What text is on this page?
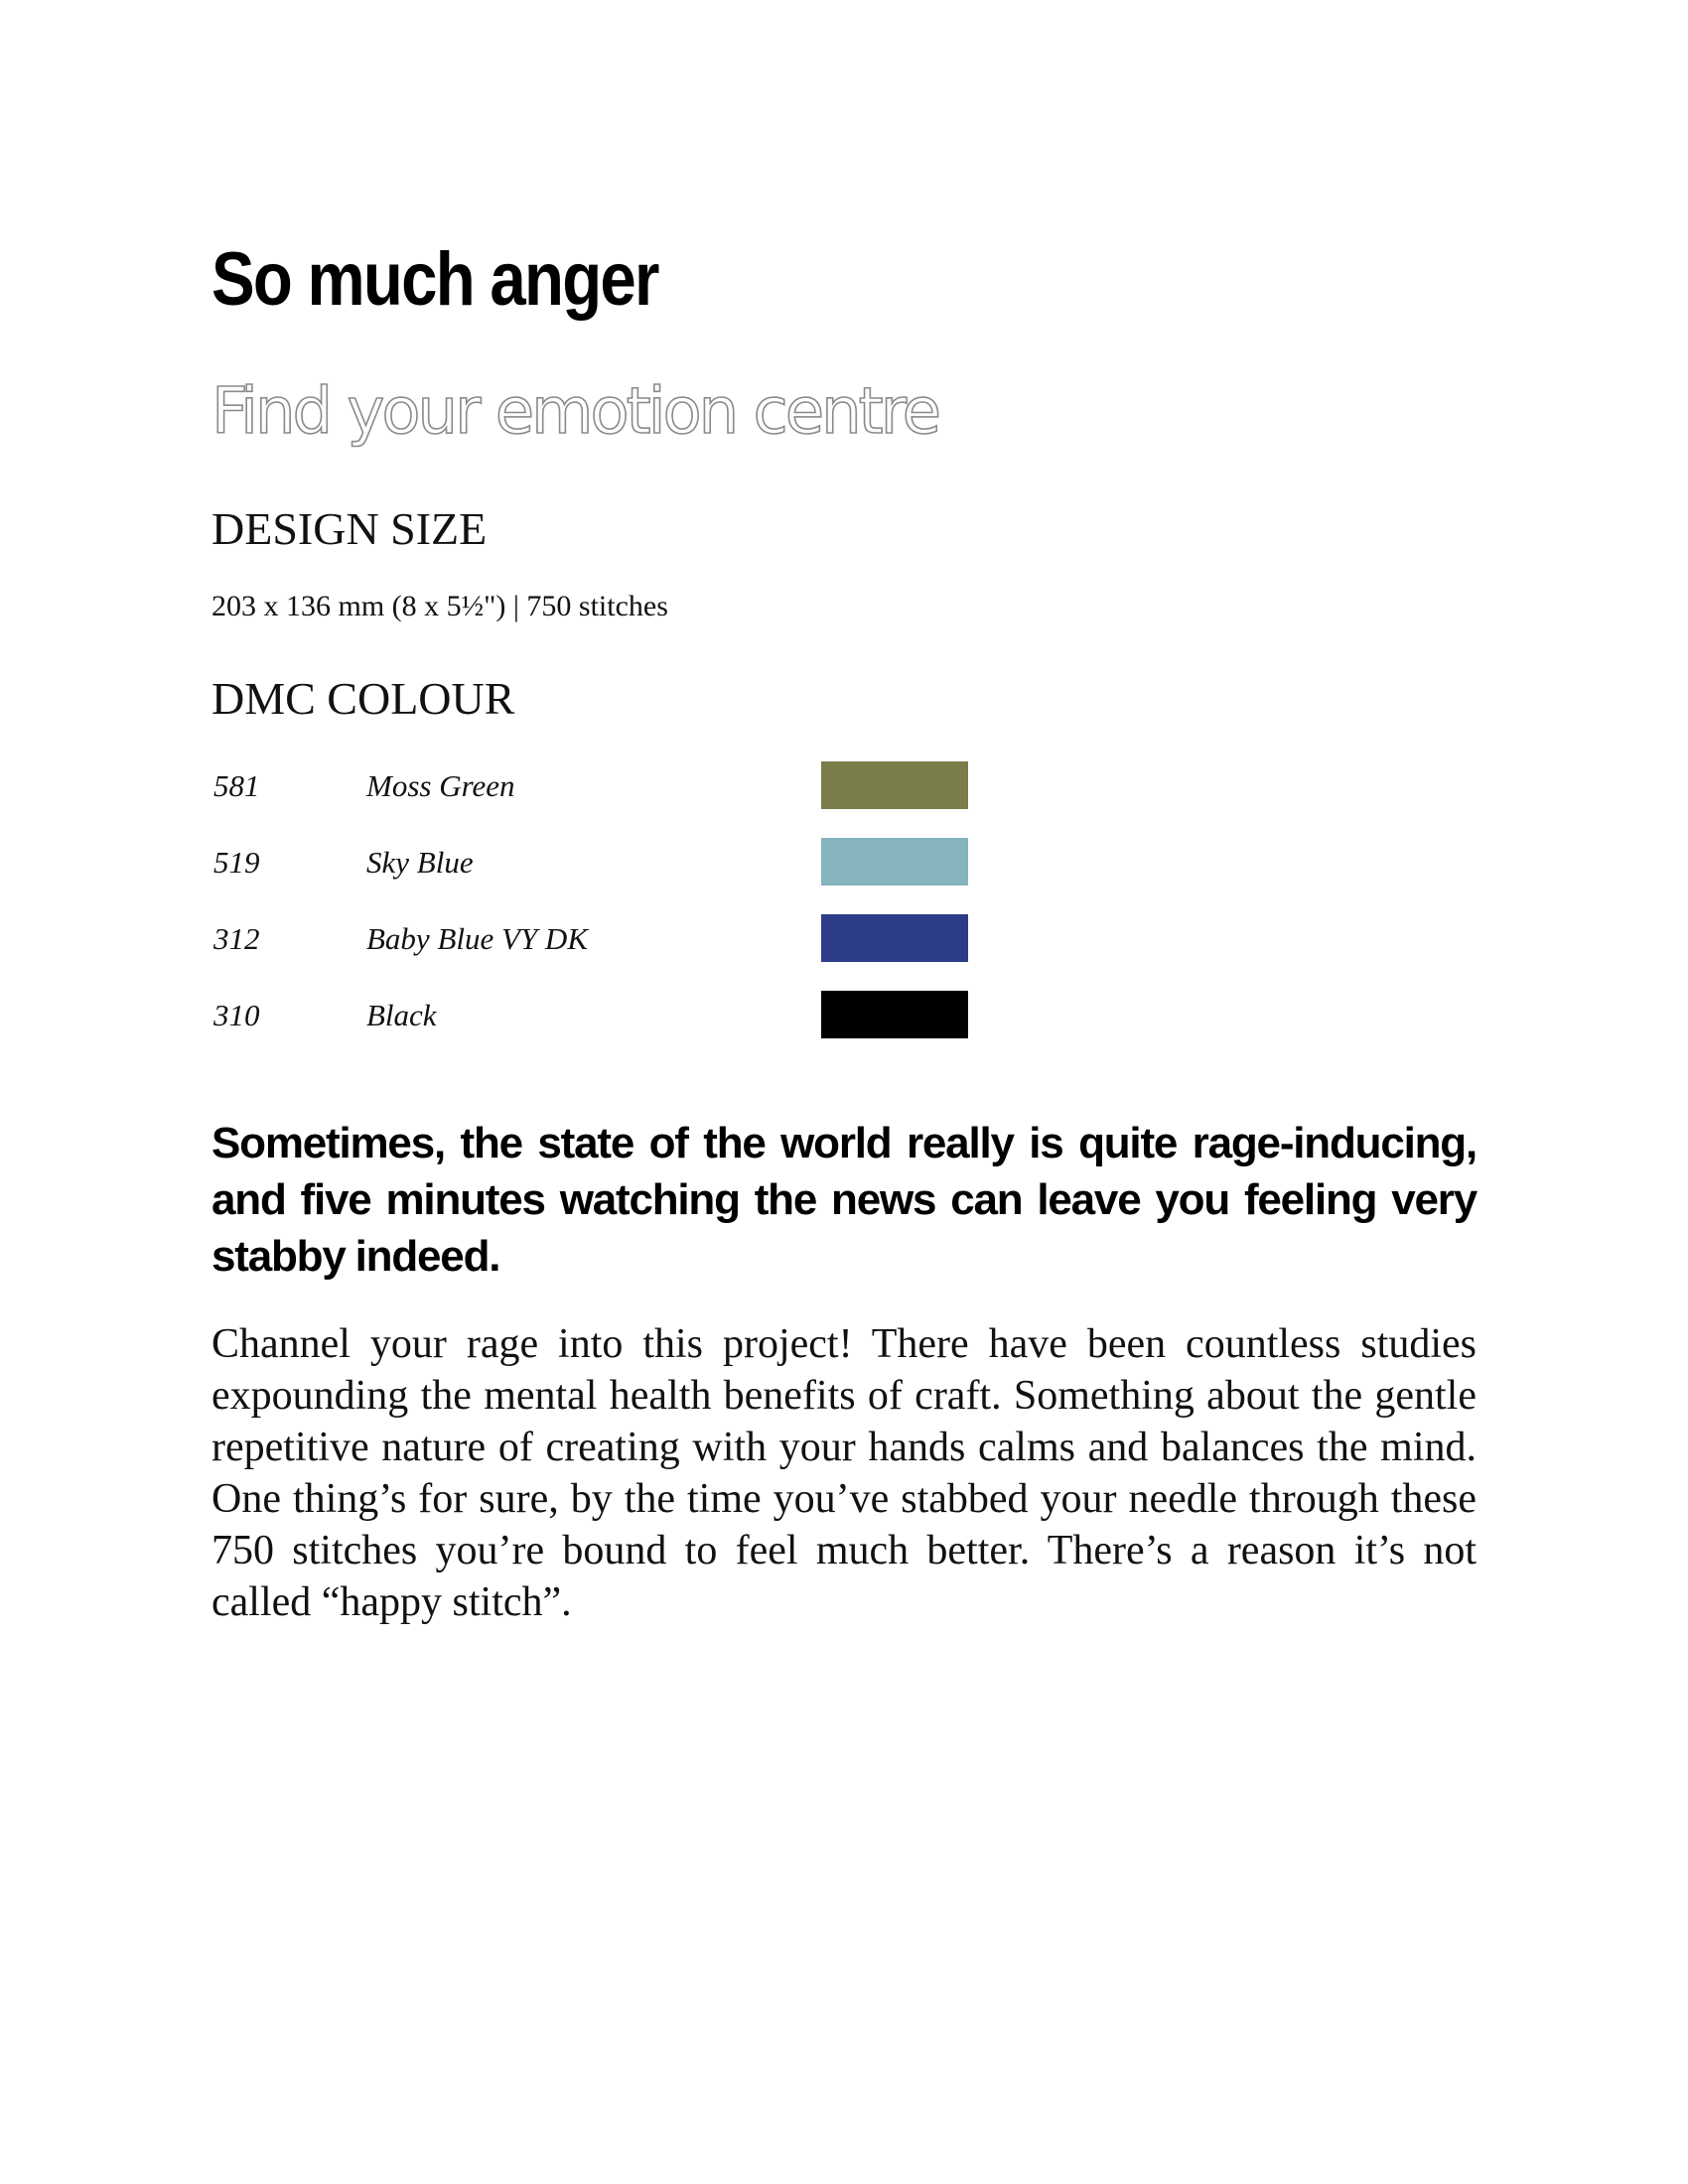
So much anger
Find your emotion centre
DESIGN SIZE
203 x 136 mm (8 x 5½") | 750 stitches
DMC COLOUR
581	Moss Green
519	Sky Blue
312	Baby Blue VY DK
310	Black

Sometimes, the state of the world really is quite rage-inducing, and five minutes watching the news can leave you feeling very stabby indeed.

Channel your rage into this project! There have been countless studies expounding the mental health benefits of craft. Something about the gentle repetitive nature of creating with your hands calms and balances the mind. One thing’s for sure, by the time you’ve stabbed your needle through these 750 stitches you’re bound to feel much better. There’s a reason it’s not called “happy stitch”.
